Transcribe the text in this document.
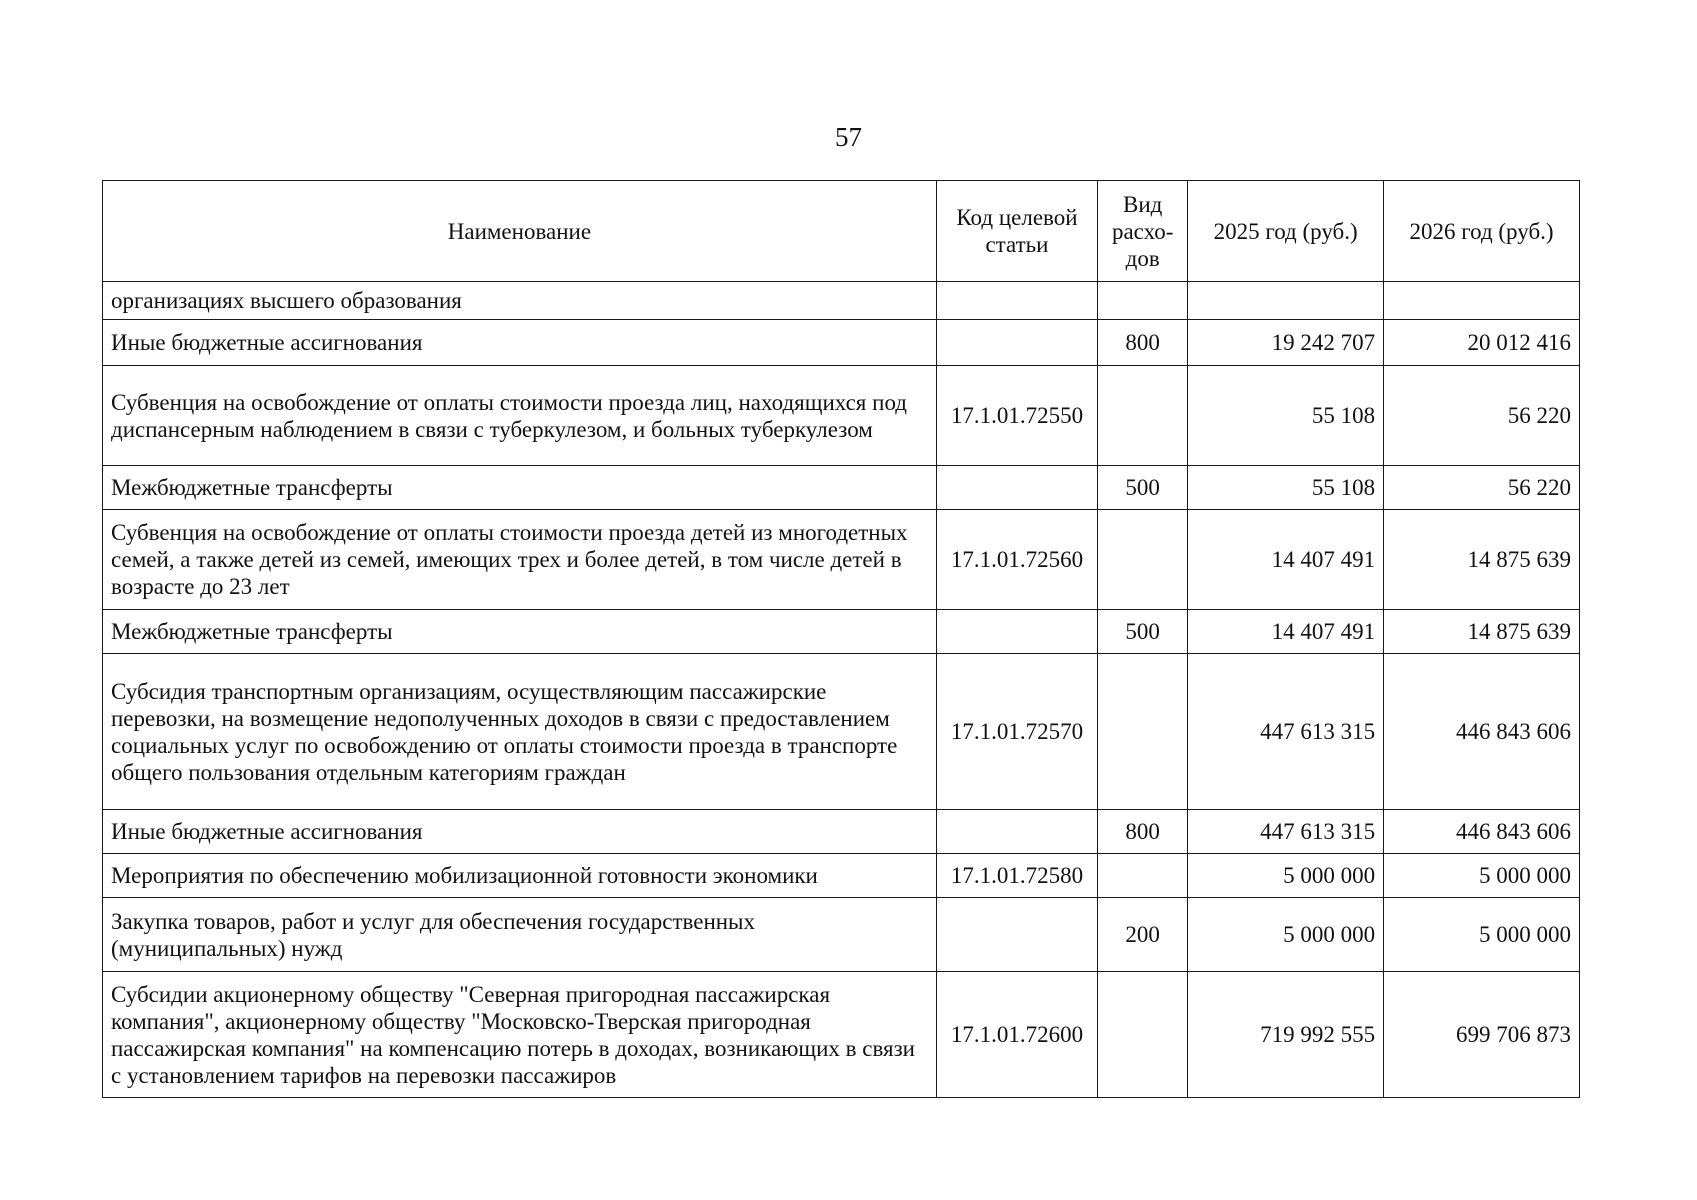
57
Наименование	Код целевой статьи	Вид расхо-дов	2025 год (руб.)	2026 год (руб.)
организациях высшего образования				
Иные бюджетные ассигнования		800	19 242 707	20 012 416
Субвенция на освобождение от оплаты стоимости проезда лиц, находящихся под диспансерным наблюдением в связи с туберкулезом, и больных туберкулезом	17.1.01.72550		55 108	56 220
Межбюджетные трансферты		500	55 108	56 220
Субвенция на освобождение от оплаты стоимости проезда детей из многодетных семей, а также детей из семей, имеющих трех и более детей, в том числе детей в возрасте до 23 лет	17.1.01.72560		14 407 491	14 875 639
Межбюджетные трансферты		500	14 407 491	14 875 639
Субсидия транспортным организациям, осуществляющим пассажирские перевозки, на возмещение недополученных доходов в связи с предоставлением социальных услуг по освобождению от оплаты стоимости проезда в транспорте общего пользования отдельным категориям граждан	17.1.01.72570		447 613 315	446 843 606
Иные бюджетные ассигнования		800	447 613 315	446 843 606
Мероприятия по обеспечению мобилизационной готовности экономики	17.1.01.72580		5 000 000	5 000 000
Закупка товаров, работ и услуг для обеспечения государственных (муниципальных) нужд		200	5 000 000	5 000 000
Субсидии акционерному обществу "Северная пригородная пассажирская компания", акционерному обществу "Московско-Тверская пригородная пассажирская компания" на компенсацию потерь в доходах, возникающих в связи с установлением тарифов на перевозки пассажиров	17.1.01.72600		719 992 555	699 706 873
